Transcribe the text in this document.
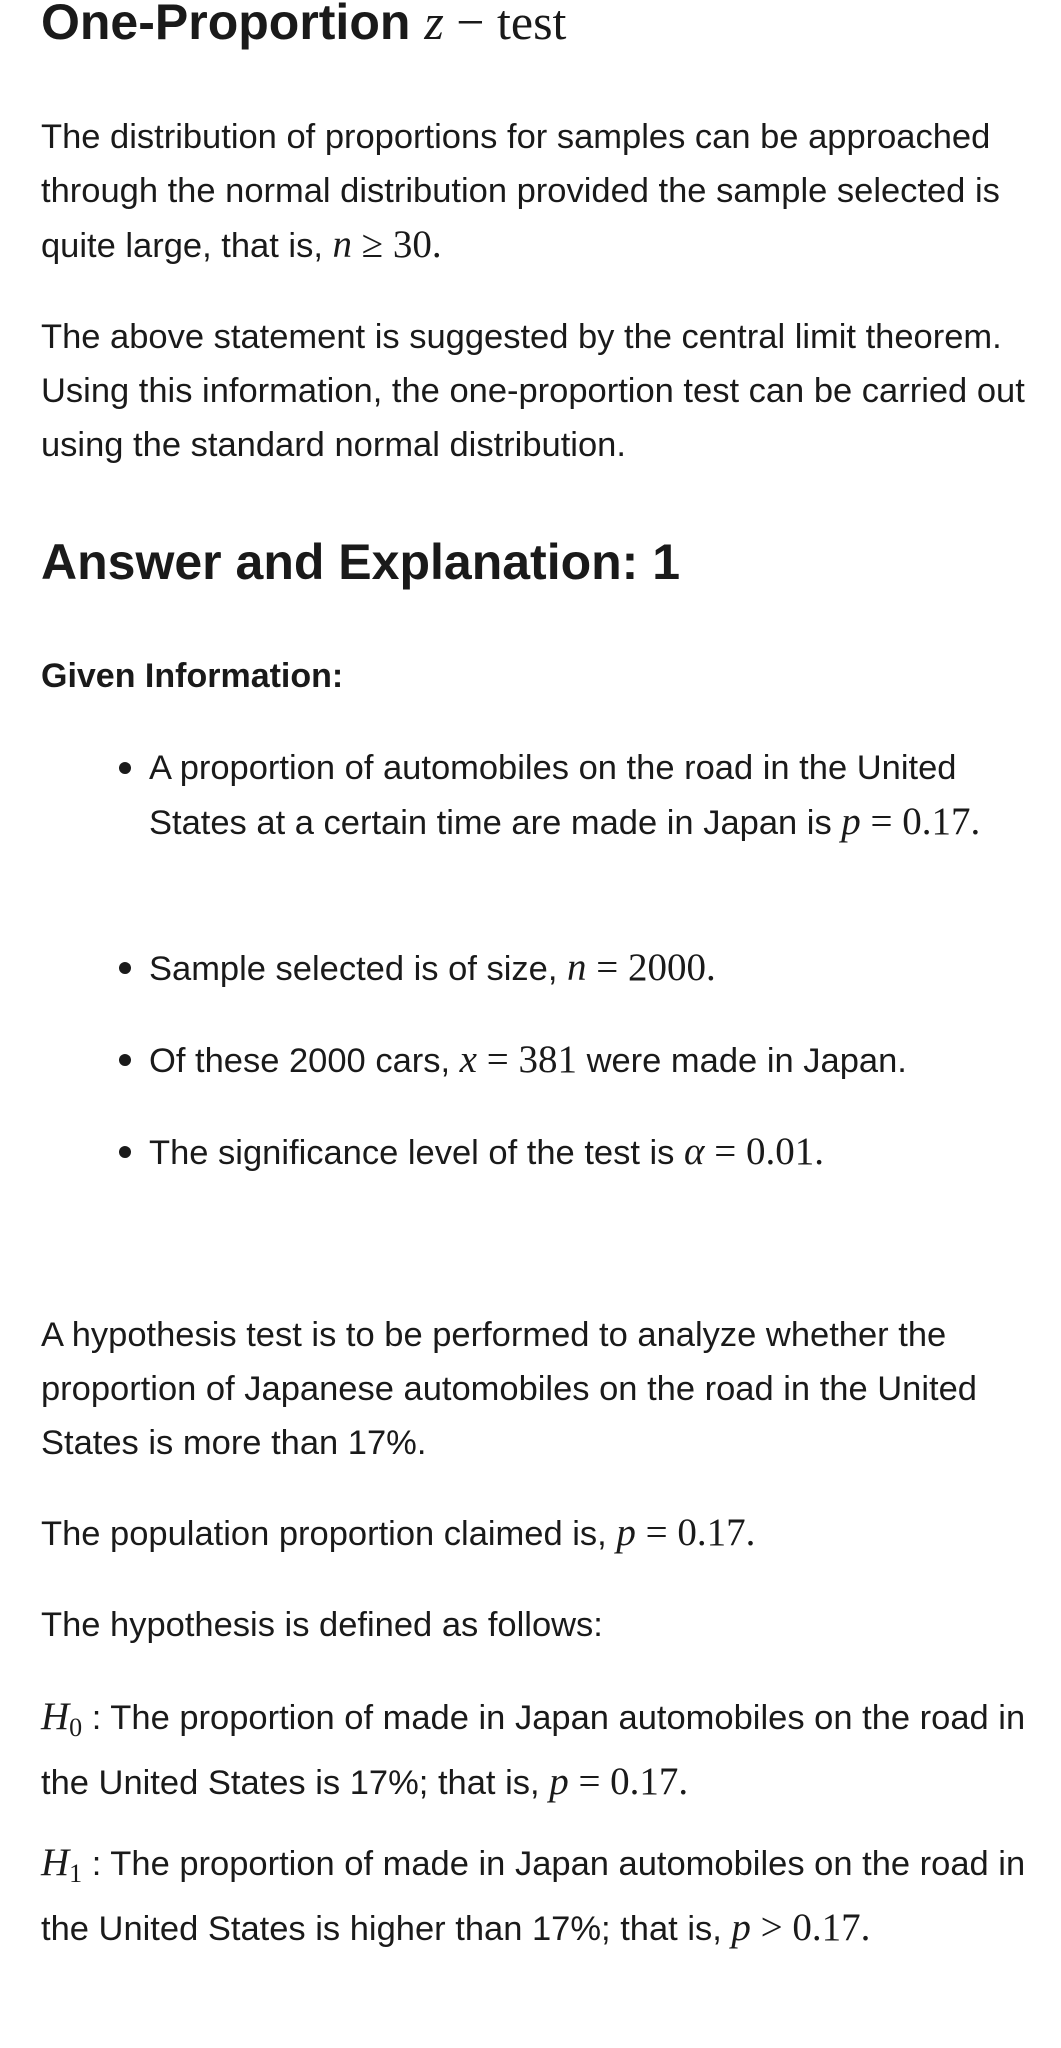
One-Proportion z − test

The distribution of proportions for samples can be approached through the normal distribution provided the sample selected is quite large, that is, n ≥ 30.

The above statement is suggested by the central limit theorem. Using this information, the one-proportion test can be carried out using the standard normal distribution.

Answer and Explanation: 1
Given Information:
A proportion of automobiles on the road in the United States at a certain time are made in Japan is p = 0.17.
Sample selected is of size, n = 2000.
Of these 2000 cars, x = 381 were made in Japan.
The significance level of the test is α = 0.01.

A hypothesis test is to be performed to analyze whether the proportion of Japanese automobiles on the road in the United States is more than 17%.

The population proportion claimed is, p = 0.17.

The hypothesis is defined as follows:

$H_0$ : The proportion of made in Japan automobiles on the road in the United States is 17%; that is, p = 0.17.

$H_1$ : The proportion of made in Japan automobiles on the road in the United States is higher than 17%; that is, p > 0.17.
